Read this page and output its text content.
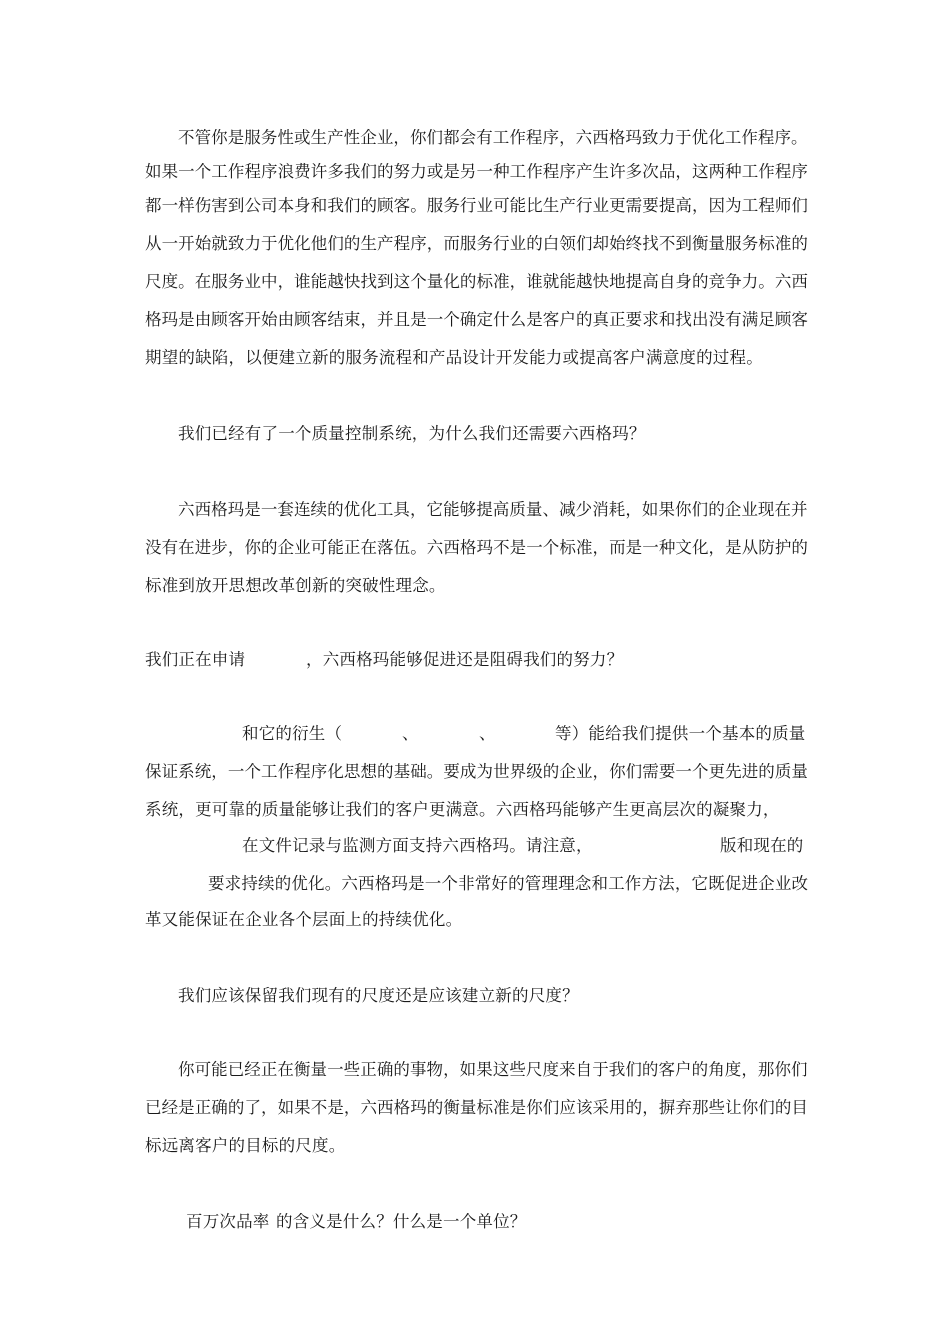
不管你是服务性或生产性企业，你们都会有工作程序，六西格玛致力于优化工作程序。
如果一个工作程序浪费许多我们的努力或是另一种工作程序产生许多次品，这两种工作程序
都一样伤害到公司本身和我们的顾客。服务行业可能比生产行业更需要提高，因为工程师们
从一开始就致力于优化他们的生产程序，而服务行业的白领们却始终找不到衡量服务标准的
尺度。在服务业中，谁能越快找到这个量化的标准，谁就能越快地提高自身的竞争力。六西
格玛是由顾客开始由顾客结束，并且是一个确定什么是客户的真正要求和找出没有满足顾客
期望的缺陷，以便建立新的服务流程和产品设计开发能力或提高客户满意度的过程。
我们已经有了一个质量控制系统，为什么我们还需要六西格玛？
六西格玛是一套连续的优化工具，它能够提高质量、减少消耗，如果你们的企业现在并
没有在进步，你的企业可能正在落伍。六西格玛不是一个标准，而是一种文化，是从防护的
标准到放开思想改革创新的突破性理念。
我们正在申请	，六西格玛能够促进还是阻碍我们的努力？
和它的衍生（	、	、	等）能给我们提供一个基本的质量
保证系统，一个工作程序化思想的基础。要成为世界级的企业，你们需要一个更先进的质量
系统，更可靠的质量能够让我们的客户更满意。六西格玛能够产生更高层次的凝聚力，
在文件记录与监测方面支持六西格玛。请注意，	版和现在的
要求持续的优化。六西格玛是一个非常好的管理理念和工作方法，它既促进企业改
革又能保证在企业各个层面上的持续优化。
我们应该保留我们现有的尺度还是应该建立新的尺度？
你可能已经正在衡量一些正确的事物，如果这些尺度来自于我们的客户的角度，那你们
已经是正确的了，如果不是，六西格玛的衡量标准是你们应该采用的，摒弃那些让你们的目
标远离客户的目标的尺度。
百万次品率 的含义是什么？什么是一个单位？
